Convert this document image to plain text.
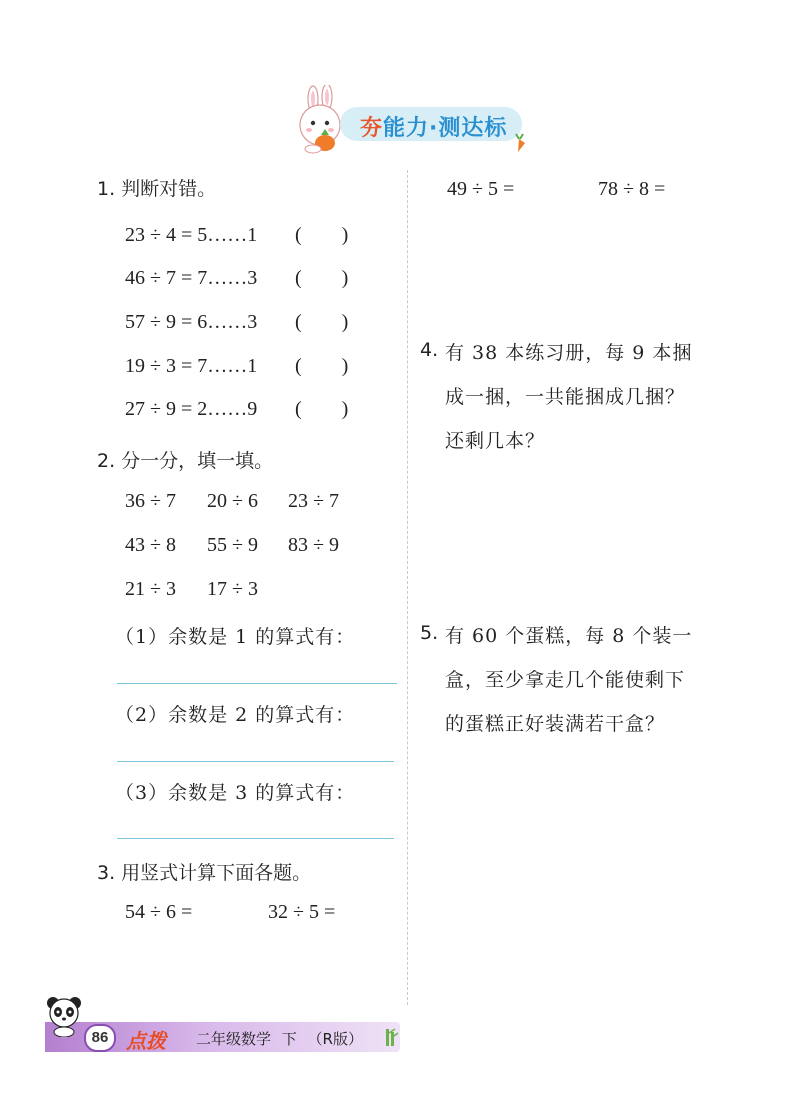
夯能力·测达标
1. 判断对错。
23 ÷ 4 = 5……1 (        )
46 ÷ 7 = 7……3 (        )
57 ÷ 9 = 6……3 (        )
19 ÷ 3 = 7……1 (        )
27 ÷ 9 = 2……9 (        )
2. 分一分，填一填。
36 ÷ 7 20 ÷ 6 23 ÷ 7
43 ÷ 8 55 ÷ 9 83 ÷ 9
21 ÷ 3 17 ÷ 3
（1）余数是 1 的算式有：
（2）余数是 2 的算式有：
（3）余数是 3 的算式有：
3. 用竖式计算下面各题。
54 ÷ 6 =	32 ÷ 5 =
49 ÷ 5 =	78 ÷ 8 =
4. 有 38 本练习册，每 9 本捆
成一捆，一共能捆成几捆？
还剩几本？
5. 有 60 个蛋糕，每 8 个装一
盒，至少拿走几个能使剩下
的蛋糕正好装满若干盒？
86 点拨 二年级数学 下 （R版）
